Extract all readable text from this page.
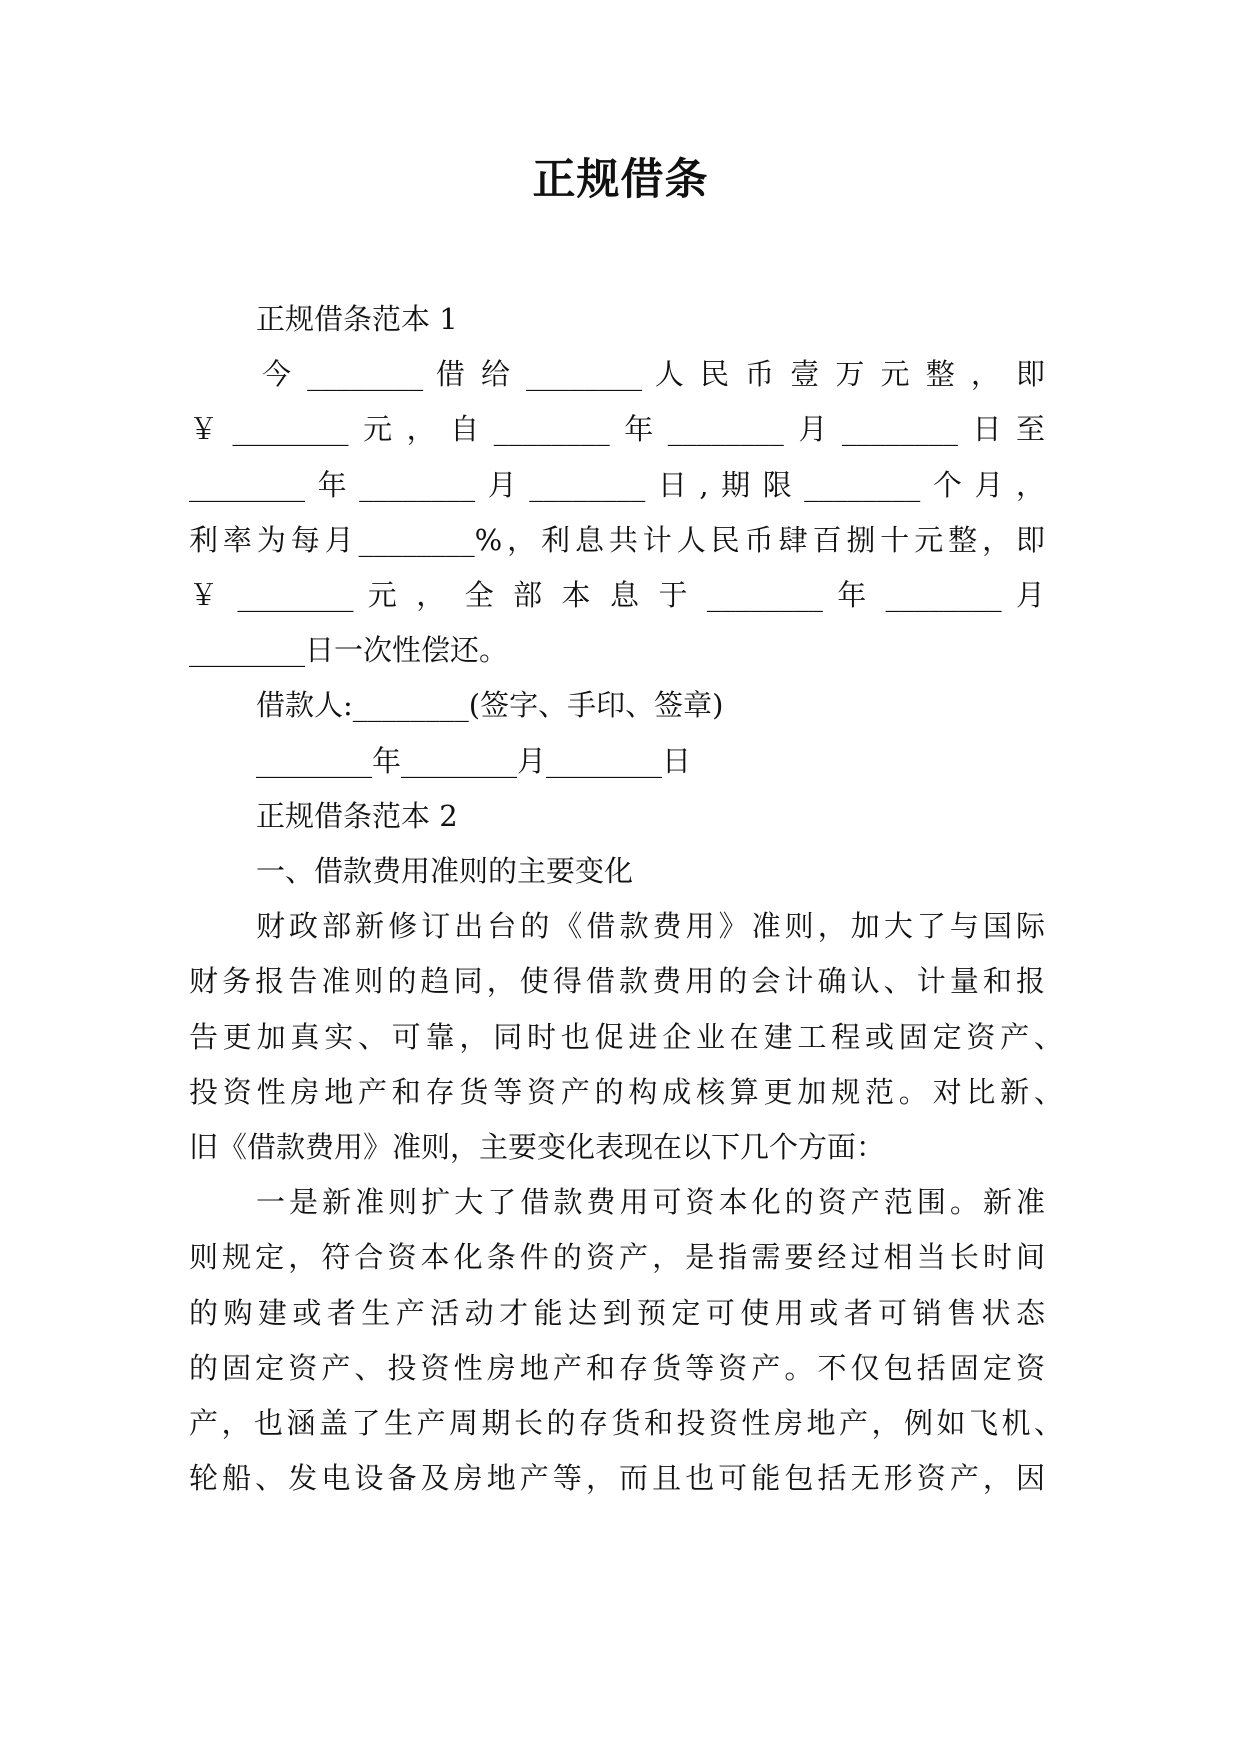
正规借条
正规借条范本 1
今 ________ 借 给 ________ 人 民 币 壹 万 元 整 ， 即
￥________元，自________年________月________日至
________年________月________日,期限________个月，
利率为每月________%，利息共计人民币肆百捌十元整，即
￥ ________ 元 ， 全 部 本 息 于 ________ 年 ________ 月
________日一次性偿还。
借款人:________(签字、手印、签章)
________年________月________日
正规借条范本 2
一、借款费用准则的主要变化
财政部新修订出台的《借款费用》准则，加大了与国际
财务报告准则的趋同，使得借款费用的会计确认、计量和报
告更加真实、可靠，同时也促进企业在建工程或固定资产、
投资性房地产和存货等资产的构成核算更加规范。对比新、
旧《借款费用》准则，主要变化表现在以下几个方面：
一是新准则扩大了借款费用可资本化的资产范围。新准
则规定，符合资本化条件的资产，是指需要经过相当长时间
的购建或者生产活动才能达到预定可使用或者可销售状态
的固定资产、投资性房地产和存货等资产。不仅包括固定资
产，也涵盖了生产周期长的存货和投资性房地产，例如飞机、
轮船、发电设备及房地产等，而且也可能包括无形资产，因
